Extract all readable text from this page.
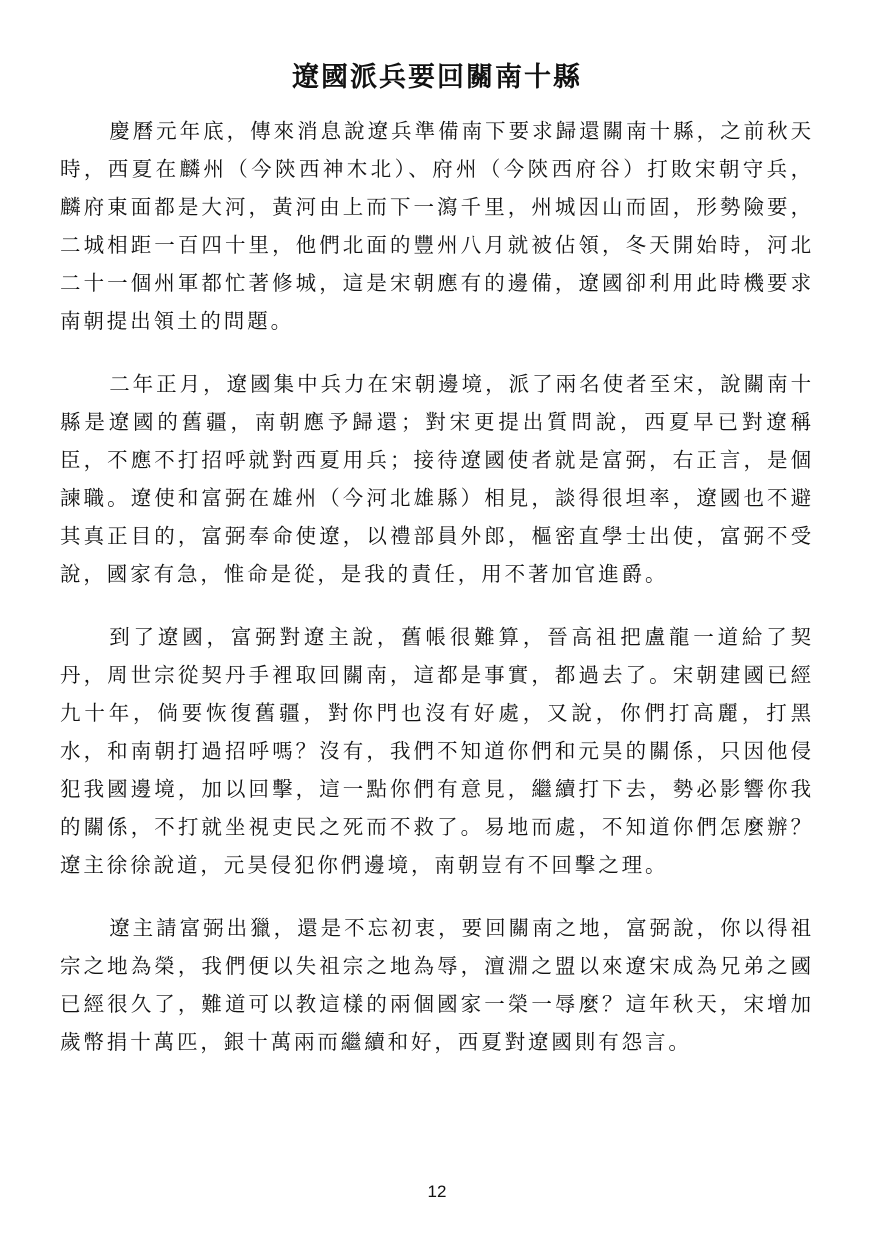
遼國派兵要回關南十縣

慶曆元年底，傳來消息說遼兵準備南下要求歸還關南十縣，之前秋天時，西夏在麟州（今陝西神木北）、府州（今陝西府谷）打敗宋朝守兵，麟府東面都是大河，黃河由上而下一瀉千里，州城因山而固，形勢險要，二城相距一百四十里，他們北面的豐州八月就被佔領，冬天開始時，河北二十一個州軍都忙著修城，這是宋朝應有的邊備，遼國卻利用此時機要求南朝提出領土的問題。

二年正月，遼國集中兵力在宋朝邊境，派了兩名使者至宋，說關南十縣是遼國的舊疆，南朝應予歸還；對宋更提出質問說，西夏早已對遼稱臣，不應不打招呼就對西夏用兵；接待遼國使者就是富弼，右正言，是個諫職。遼使和富弼在雄州（今河北雄縣）相見，談得很坦率，遼國也不避其真正目的，富弼奉命使遼，以禮部員外郎，樞密直學士出使，富弼不受說，國家有急，惟命是從，是我的責任，用不著加官進爵。

到了遼國，富弼對遼主說，舊帳很難算，晉高祖把盧龍一道給了契丹，周世宗從契丹手裡取回關南，這都是事實，都過去了。宋朝建國已經九十年，倘要恢復舊疆，對你門也沒有好處，又說，你們打高麗，打黑水，和南朝打過招呼嗎？沒有，我們不知道你們和元昊的關係，只因他侵犯我國邊境，加以回擊，這一點你們有意見，繼續打下去，勢必影響你我的關係，不打就坐視吏民之死而不救了。易地而處，不知道你們怎麼辦？遼主徐徐說道，元昊侵犯你們邊境，南朝豈有不回擊之理。

遼主請富弼出獵，還是不忘初衷，要回關南之地，富弼說，你以得祖宗之地為榮，我們便以失祖宗之地為辱，澶淵之盟以來遼宋成為兄弟之國已經很久了，難道可以教這樣的兩個國家一榮一辱麼？這年秋天，宋增加歲幣捐十萬匹，銀十萬兩而繼續和好，西夏對遼國則有怨言。

12
